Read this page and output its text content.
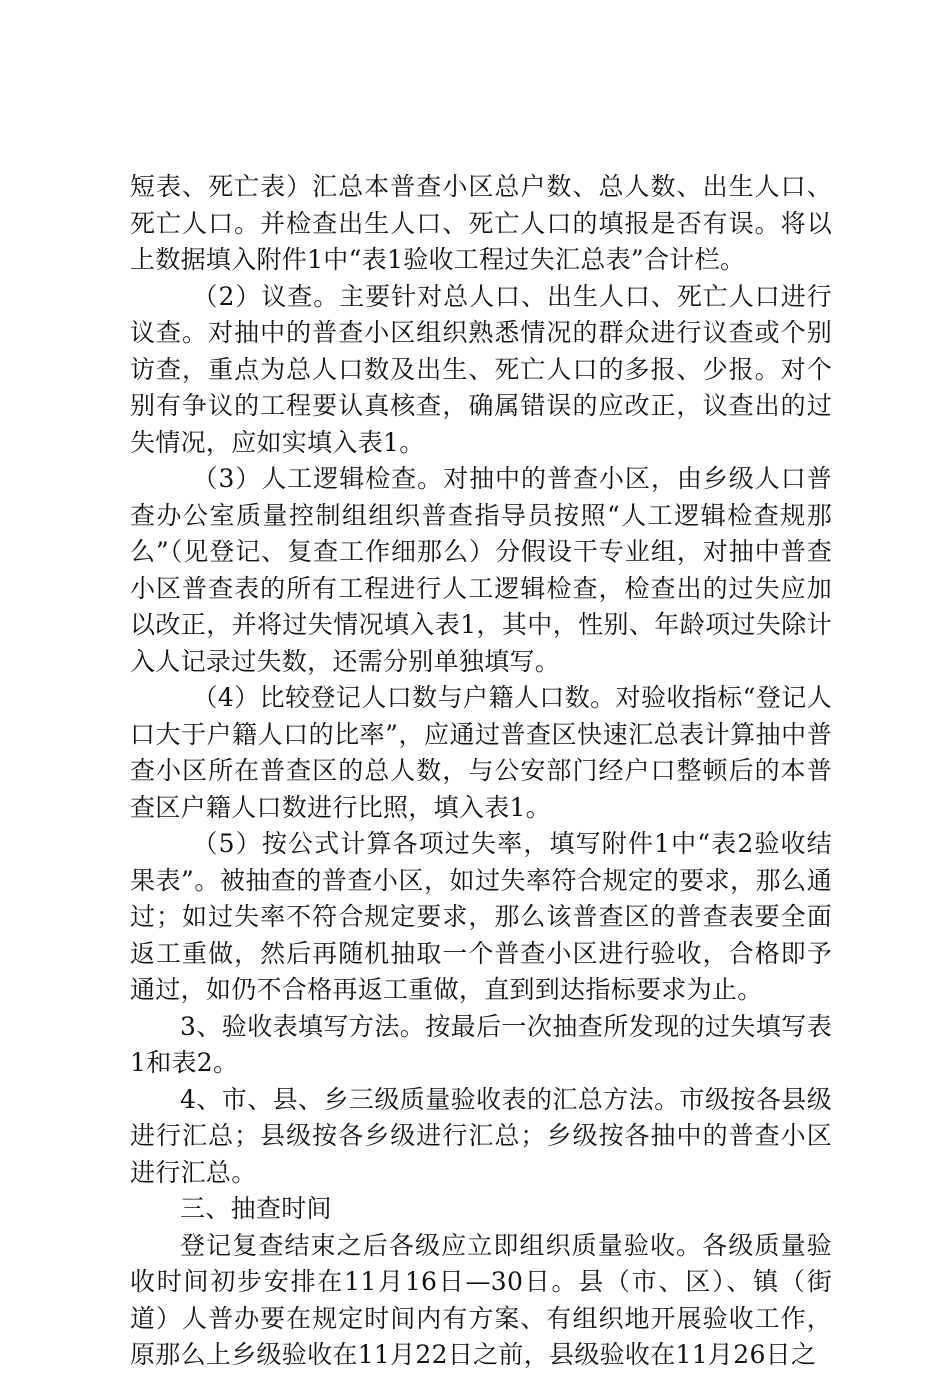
短表、死亡表）汇总本普查小区总户数、总人数、出生人口、死亡人口。并检查出生人口、死亡人口的填报是否有误。将以上数据填入附件1中“表1验收工程过失汇总表”合计栏。

（2）议查。主要针对总人口、出生人口、死亡人口进行议查。对抽中的普查小区组织熟悉情况的群众进行议查或个别访查，重点为总人口数及出生、死亡人口的多报、少报。对个别有争议的工程要认真核查，确属错误的应改正，议查出的过失情况，应如实填入表1。

（3）人工逻辑检查。对抽中的普查小区，由乡级人口普查办公室质量控制组组织普查指导员按照“人工逻辑检查规那么”（见登记、复查工作细那么）分假设干专业组，对抽中普查小区普查表的所有工程进行人工逻辑检查，检查出的过失应加以改正，并将过失情况填入表1，其中，性别、年龄项过失除计入人记录过失数，还需分别单独填写。

（4）比较登记人口数与户籍人口数。对验收指标“登记人口大于户籍人口的比率”，应通过普查区快速汇总表计算抽中普查小区所在普查区的总人数，与公安部门经户口整顿后的本普查区户籍人口数进行比照，填入表1。

（5）按公式计算各项过失率，填写附件1中“表2验收结果表”。被抽查的普查小区，如过失率符合规定的要求，那么通过；如过失率不符合规定要求，那么该普查区的普查表要全面返工重做，然后再随机抽取一个普查小区进行验收，合格即予通过，如仍不合格再返工重做，直到到达指标要求为止。

3、验收表填写方法。按最后一次抽查所发现的过失填写表1和表2。

4、市、县、乡三级质量验收表的汇总方法。市级按各县级进行汇总；县级按各乡级进行汇总；乡级按各抽中的普查小区进行汇总。

三、抽查时间

登记复查结束之后各级应立即组织质量验收。各级质量验收时间初步安排在11月16日—30日。县（市、区）、镇（街道）人普办要在规定时间内有方案、有组织地开展验收工作，原那么上乡级验收在11月22日之前，县级验收在11月26日之
